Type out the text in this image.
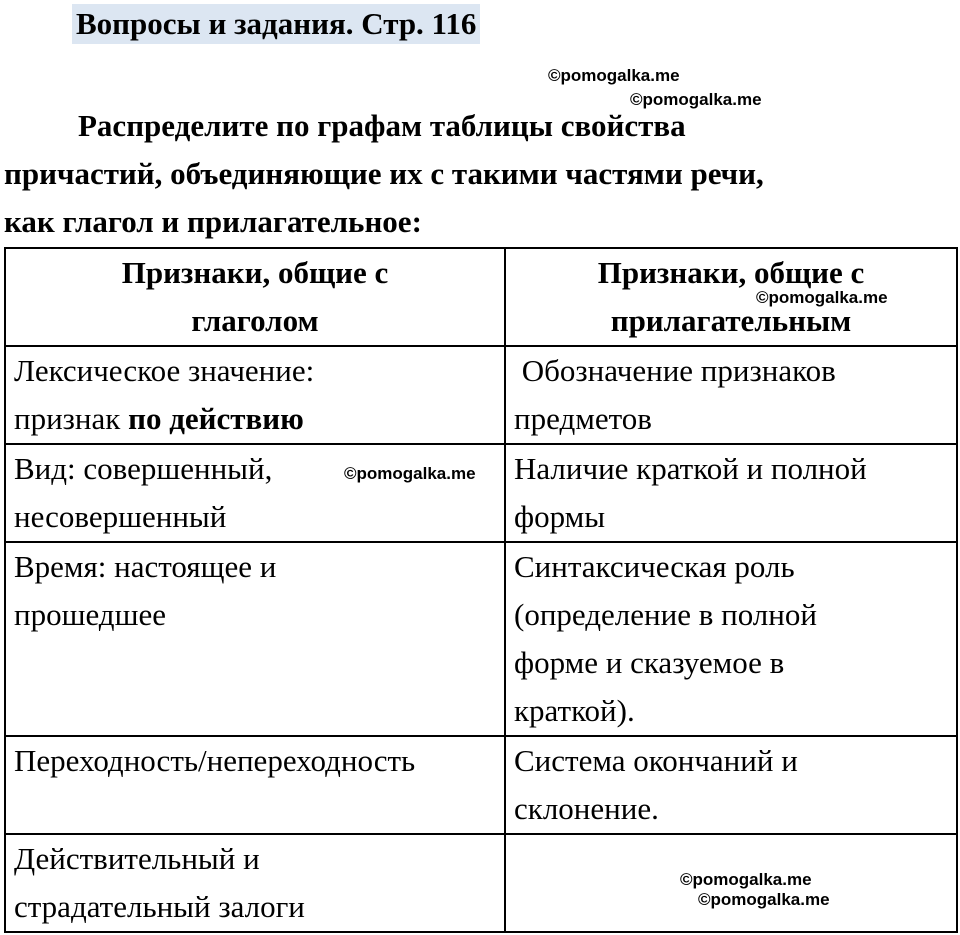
Вопросы и задания. Стр. 116
©pomogalka.me
©pomogalka.me
Распределите по графам таблицы свойства
причастий, объединяющие их с такими частями речи,
как глагол и прилагательное:
Признаки, общие с
глаголом	Признаки, общие с
прилагательным

Лексическое значение:
признак по действию	Обозначение признаков
предметов

Вид: совершенный,
несовершенный	Наличие краткой и полной
формы

Время: настоящее и
прошедшее	Синтаксическая роль
(определение в полной
форме и сказуемое в
краткой).

Переходность/непереходность	Система окончаний и
склонение.

Действительный и
страдательный залоги	

©pomogalka.me
©pomogalka.me
©pomogalka.me
©pomogalka.me
